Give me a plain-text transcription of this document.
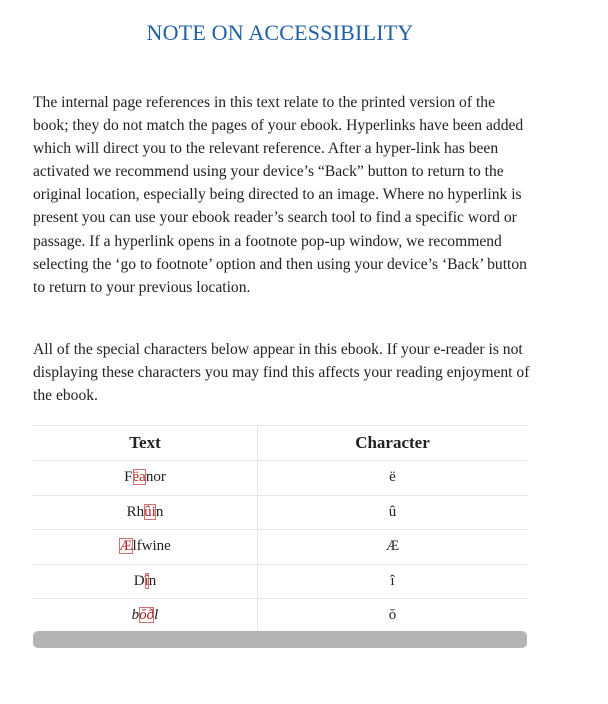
NOTE ON ACCESSIBILITY

The internal page references in this text relate to the printed version of the book; they do not match the pages of your ebook. Hyperlinks have been added which will direct you to the relevant reference. After a hyper-link has been activated we recommend using your device’s “Back” button to return to the original location, especially being directed to an image. Where no hyperlink is present you can use your ebook reader’s search tool to find a specific word or passage. If a hyperlink opens in a footnote pop-up window, we recommend selecting the ‘go to footnote’ option and then using your device’s ‘Back’ button to return to your previous location.

All of the special characters below appear in this ebook. If your e-reader is not displaying these characters you may find this affects your reading enjoyment of the ebook.

Text	Character
Fëanor	ë
Rhûin	û
Ælfwine	Æ
Dîn	î
bŏðl	ŏ
